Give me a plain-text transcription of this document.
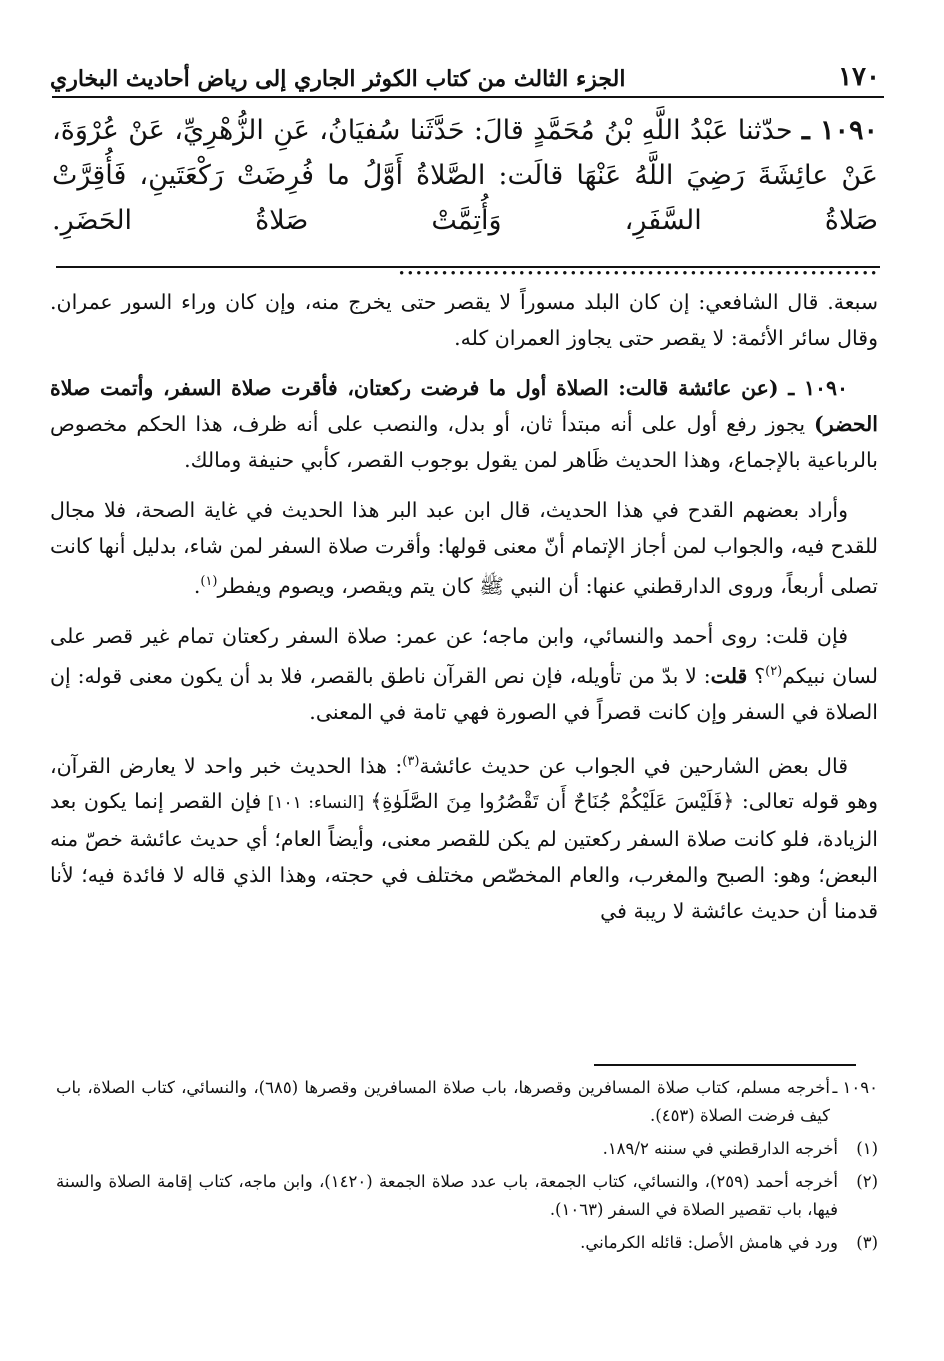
١٧٠
الجزء الثالث من كتاب الكوثر الجاري إلى رياض أحاديث البخاري
١٠٩٠ ـ حدّثنا عَبْدُ اللَّهِ بْنُ مُحَمَّدٍ قالَ: حَدَّثَنا سُفيَانُ، عَنِ الزُّهْرِيِّ، عَنْ عُرْوَةَ، عَنْ عائِشَةَ رَضِيَ اللَّهُ عَنْهَا قالَت: الصَّلاةُ أَوَّلُ ما فُرِضَتْ رَكْعَتَينِ، فَأُقِرَّتْ صَلاةُ السَّفَرِ، وَأُتِمَّتْ صَلاةُ الحَضَرِ. ........................................................

سبعة. قال الشافعي: إن كان البلد مسوراً لا يقصر حتى يخرج منه، وإن كان وراء السور عمران. وقال سائر الأئمة: لا يقصر حتى يجاوز العمران كله.

١٠٩٠ ـ (عن عائشة قالت: الصلاة أول ما فرضت ركعتان، فأقرت صلاة السفر، وأتمت صلاة الحضر) يجوز رفع أول على أنه مبتدأ ثان، أو بدل، والنصب على أنه ظرف، هذا الحكم مخصوص بالرباعية بالإجماع، وهذا الحديث ظَاهر لمن يقول بوجوب القصر، كأبي حنيفة ومالك.

وأراد بعضهم القدح في هذا الحديث، قال ابن عبد البر هذا الحديث في غاية الصحة، فلا مجال للقدح فيه، والجواب لمن أجاز الإتمام أنّ معنى قولها: وأقرت صلاة السفر لمن شاء، بدليل أنها كانت تصلى أربعاً، وروى الدارقطني عنها: أن النبي ﷺ كان يتم ويقصر، ويصوم ويفطر$^{(١)}$.

فإن قلت: روى أحمد والنسائي، وابن ماجه؛ عن عمر: صلاة السفر ركعتان تمام غير قصر على لسان نبيكم$^{(٢)}$؟ قلت: لا بدّ من تأويله، فإن نص القرآن ناطق بالقصر، فلا بد أن يكون معنى قوله: إن الصلاة في السفر وإن كانت قصراً في الصورة فهي تامة في المعنى.

قال بعض الشارحين في الجواب عن حديث عائشة$^{(٣)}$: هذا الحديث خبر واحد لا يعارض القرآن، وهو قوله تعالى: ﴿فَلَيْسَ عَلَيْكُمْ جُنَاحٌ أَن تَقْصُرُوا مِنَ الصَّلَوٰةِ﴾ [النساء: ١٠١] فإن القصر إنما يكون بعد الزيادة، فلو كانت صلاة السفر ركعتين لم يكن للقصر معنى، وأيضاً العام؛ أي حديث عائشة خصّ منه البعض؛ وهو: الصبح والمغرب، والعام المخصّص مختلف في حجته، وهذا الذي قاله لا فائدة فيه؛ لأنا قدمنا أن حديث عائشة لا ريبة في

١٠٩٠ ـ
أخرجه مسلم، كتاب صلاة المسافرين وقصرها، باب صلاة المسافرين وقصرها (٦٨٥)، والنسائي، كتاب الصلاة، باب كيف فرضت الصلاة (٤٥٣).
(١)
أخرجه الدارقطني في سننه ١٨٩/٢.
(٢)
أخرجه أحمد (٢٥٩)، والنسائي، كتاب الجمعة، باب عدد صلاة الجمعة (١٤٢٠)، وابن ماجه، كتاب إقامة الصلاة والسنة فيها، باب تقصير الصلاة في السفر (١٠٦٣).
(٣)
ورد في هامش الأصل: قائله الكرماني.
